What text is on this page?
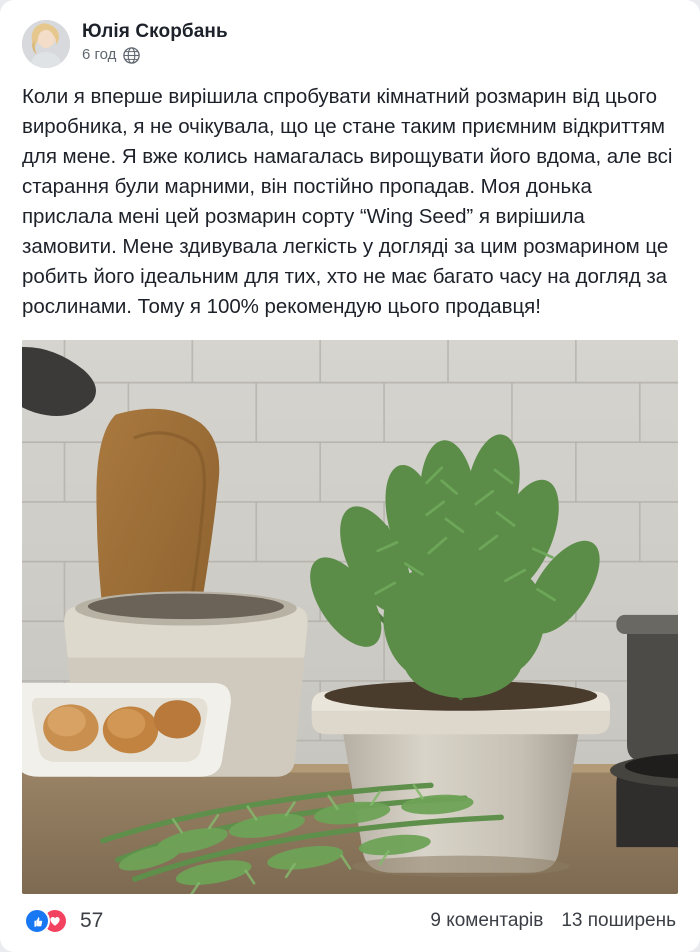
Юлія Скорбань
6 год
Коли я вперше вирішила спробувати кімнатний розмарин від цього виробника, я не очікувала, що це стане таким приємним відкриттям для мене. Я вже колись намагалась вирощувати його вдома, але всі старання були марними, він постійно пропадав. Моя донька прислала мені цей розмарин сорту “Wing Seed” я вирішила замовити. Мене здивувала легкість у догляді за цим розмарином це робить його ідеальним для тих, хто не має багато часу на догляд за рослинами. Тому я 100% рекомендую цього продавця!
57	9 коментарів 13 поширень
